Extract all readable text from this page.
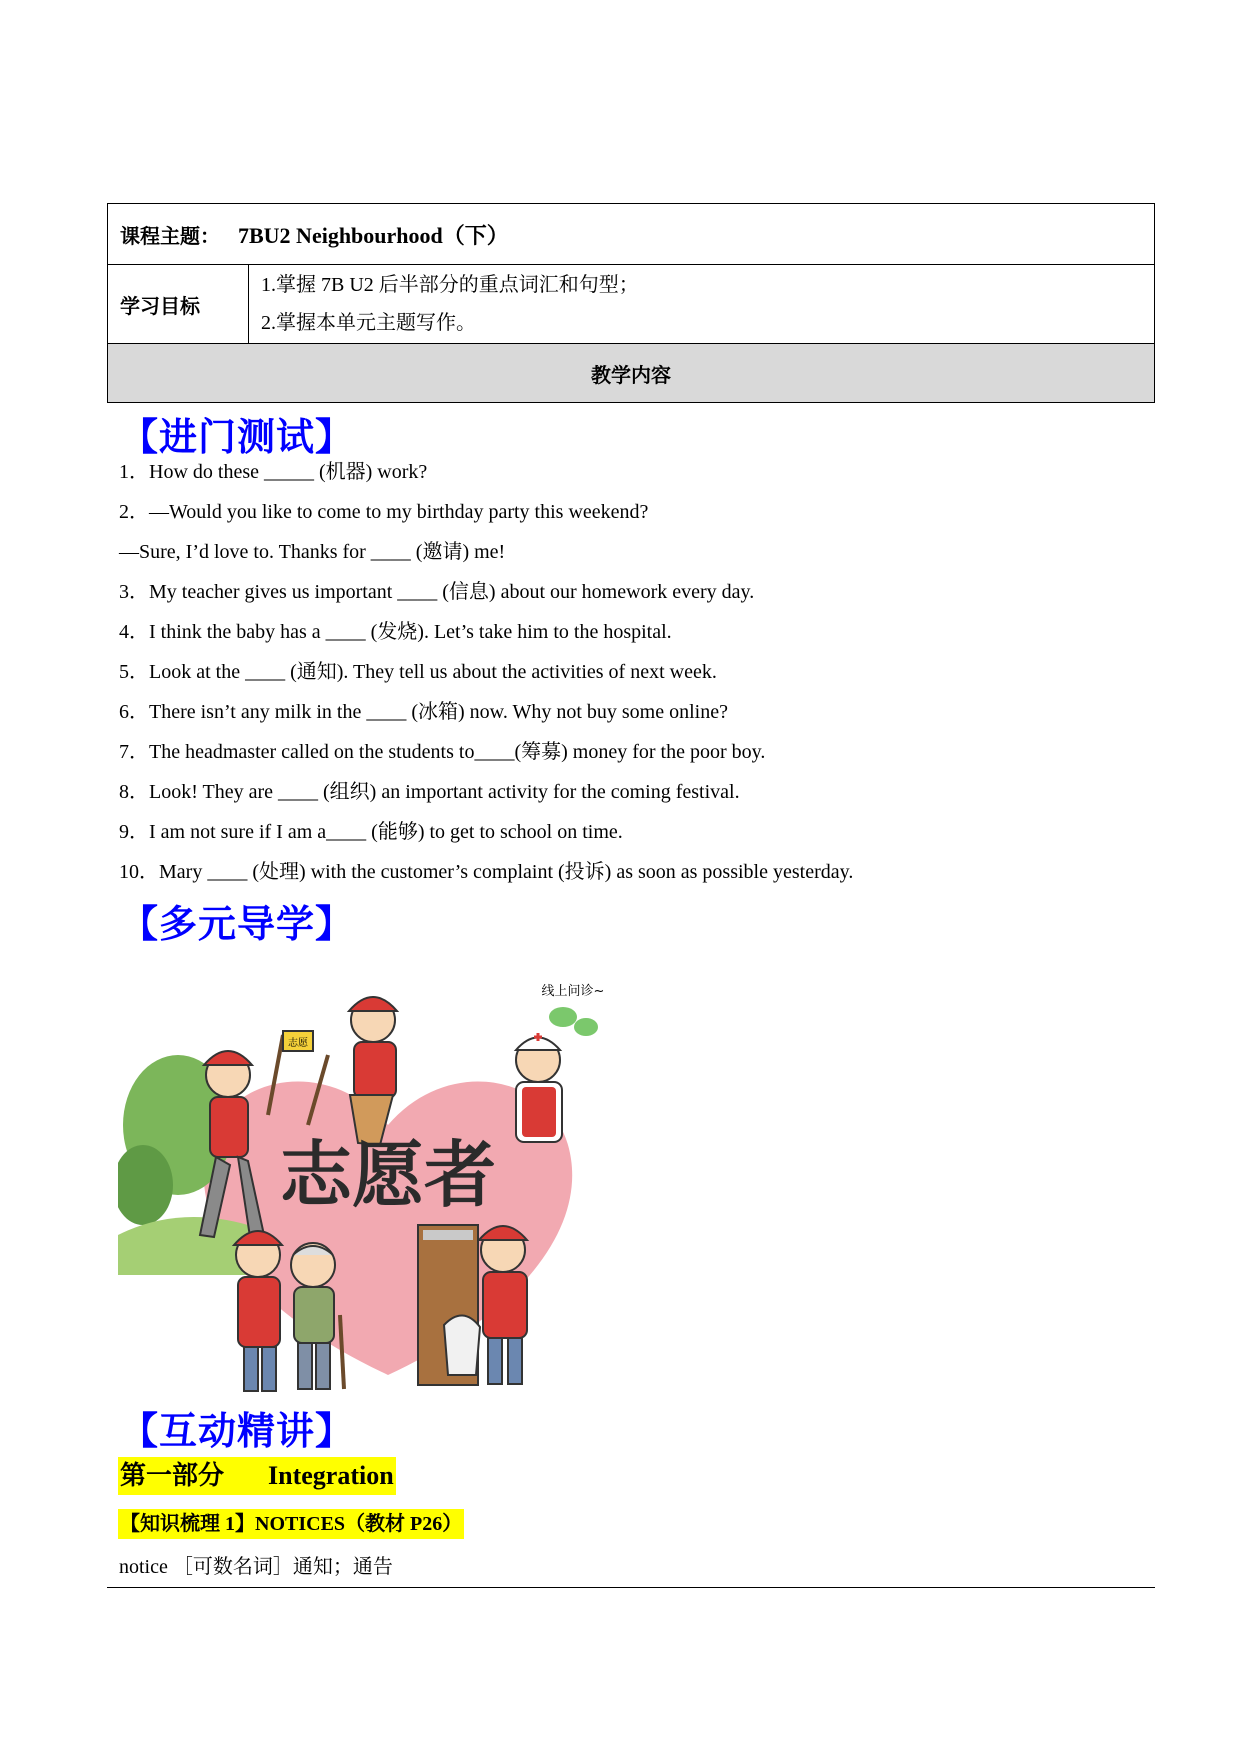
课程主题： 7BU2 Neighbourhood（下）
学习目标	
1.掌握 7B U2 后半部分的重点词汇和句型；
2.掌握本单元主题写作。

教学内容
【进门测试】
1．How do these _____ (机器) work?
2．—Would you like to come to my birthday party this weekend?
—Sure, I’d love to. Thanks for ____ (邀请) me!
3．My teacher gives us important ____ (信息) about our homework every day.
4．I think the baby has a ____ (发烧). Let’s take him to the hospital.
5．Look at the ____ (通知). They tell us about the activities of next week.
6．There isn’t any milk in the ____ (冰箱) now. Why not buy some online?
7．The headmaster called on the students to____(筹募) money for the poor boy.
8．Look! They are ____ (组织) an important activity for the coming festival.
9．I am not sure if I am a____ (能够) to get to school on time.
10．Mary ____ (处理) with the customer’s complaint (投诉) as soon as possible yesterday.
【多元导学】
志愿
线上问诊~
志愿者
【互动精讲】
第一部分 Integration
【知识梳理 1】NOTICES（教材 P26）
notice ［可数名词］通知；通告
